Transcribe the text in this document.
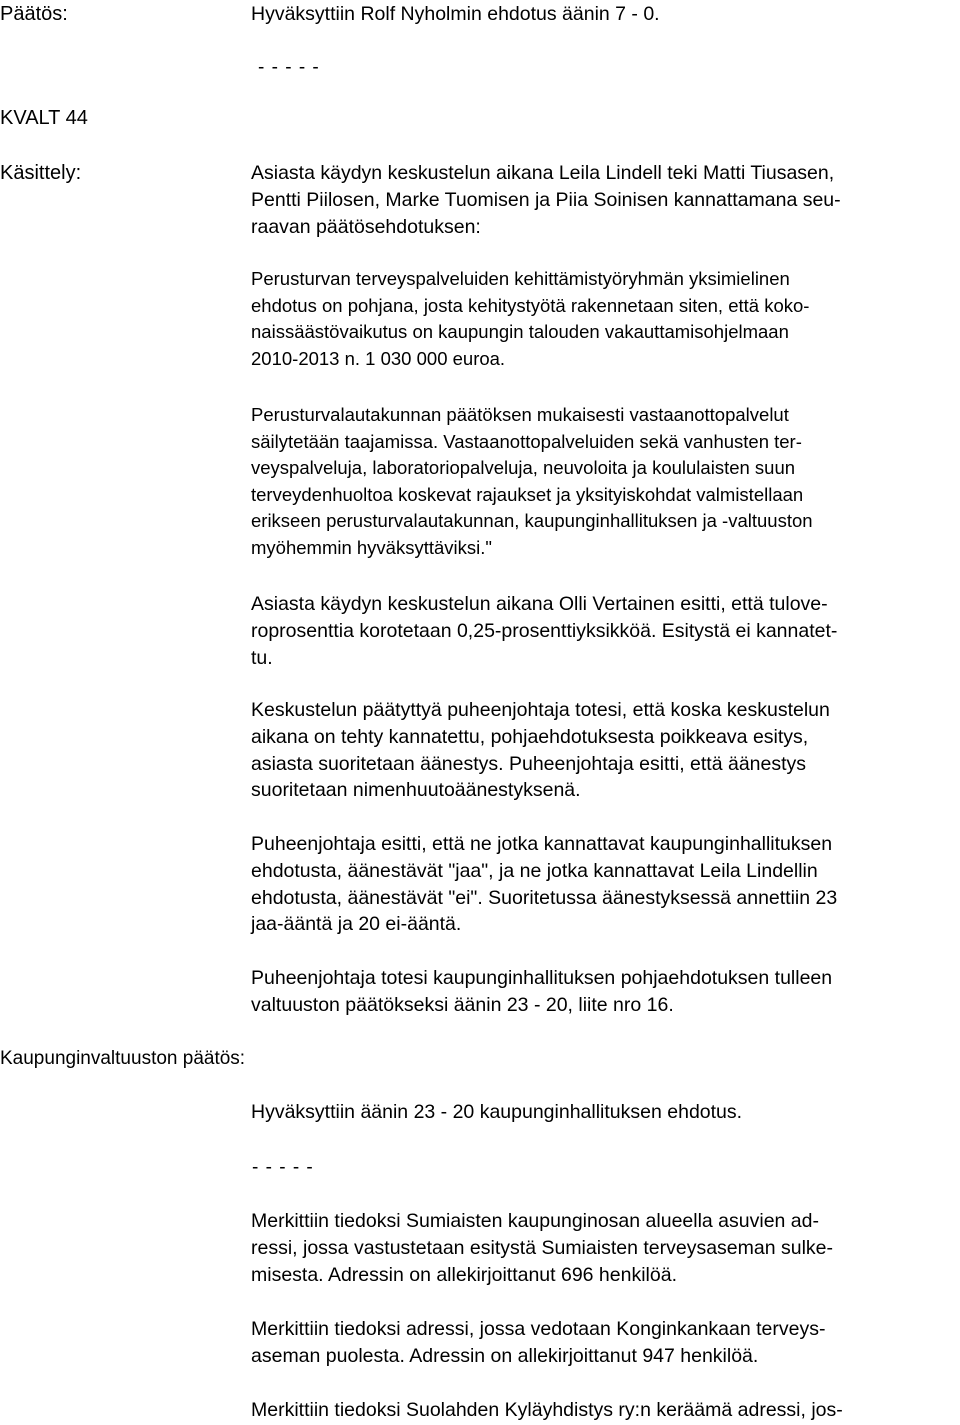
Päätös:	Hyväksyttiin Rolf Nyholmin ehdotus äänin 7 - 0.
- - - - -
KVALT 44
Käsittely:	Asiasta käydyn keskustelun aikana Leila Lindell teki Matti Tiusasen,
Pentti Piilosen, Marke Tuomisen ja Piia Soinisen kannattamana seu-
raavan päätösehdotuksen:
Perusturvan terveyspalveluiden kehittämistyöryhmän yksimielinen
ehdotus on pohjana, josta kehitystyötä rakennetaan siten, että koko-
naissäästövaikutus on kaupungin talouden vakauttamisohjelmaan
2010-2013 n. 1 030 000 euroa.
Perusturvalautakunnan päätöksen mukaisesti vastaanottopalvelut
säilytetään taajamissa. Vastaanottopalveluiden sekä vanhusten ter-
veyspalveluja, laboratoriopalveluja, neuvoloita ja koululaisten suun
terveydenhuoltoa koskevat rajaukset ja yksityiskohdat valmistellaan
erikseen perusturvalautakunnan, kaupunginhallituksen ja -valtuuston
myöhemmin hyväksyttäviksi."
Asiasta käydyn keskustelun aikana Olli Vertainen esitti, että tulove-
roprosenttia korotetaan 0,25-prosenttiyksikköä. Esitystä ei kannatet-
tu.
Keskustelun päätyttyä puheenjohtaja totesi, että koska keskustelun
aikana on tehty kannatettu, pohjaehdotuksesta poikkeava esitys,
asiasta suoritetaan äänestys. Puheenjohtaja esitti, että äänestys
suoritetaan nimenhuutoäänestyksenä.
Puheenjohtaja esitti, että ne jotka kannattavat kaupunginhallituksen
ehdotusta, äänestävät "jaa", ja ne jotka kannattavat Leila Lindellin
ehdotusta, äänestävät "ei". Suoritetussa äänestyksessä annettiin 23
jaa-ääntä ja 20 ei-ääntä.
Puheenjohtaja totesi kaupunginhallituksen pohjaehdotuksen tulleen
valtuuston päätökseksi äänin 23 - 20, liite nro 16.
Kaupunginvaltuuston päätös:
Hyväksyttiin äänin 23 - 20 kaupunginhallituksen ehdotus.
- - - - -
Merkittiin tiedoksi Sumiaisten kaupunginosan alueella asuvien ad-
ressi, jossa vastustetaan esitystä Sumiaisten terveysaseman sulke-
misesta. Adressin on allekirjoittanut 696 henkilöä.
Merkittiin tiedoksi adressi, jossa vedotaan Konginkankaan terveys-
aseman puolesta. Adressin on allekirjoittanut 947 henkilöä.
Merkittiin tiedoksi Suolahden Kyläyhdistys ry:n keräämä adressi, jos-
